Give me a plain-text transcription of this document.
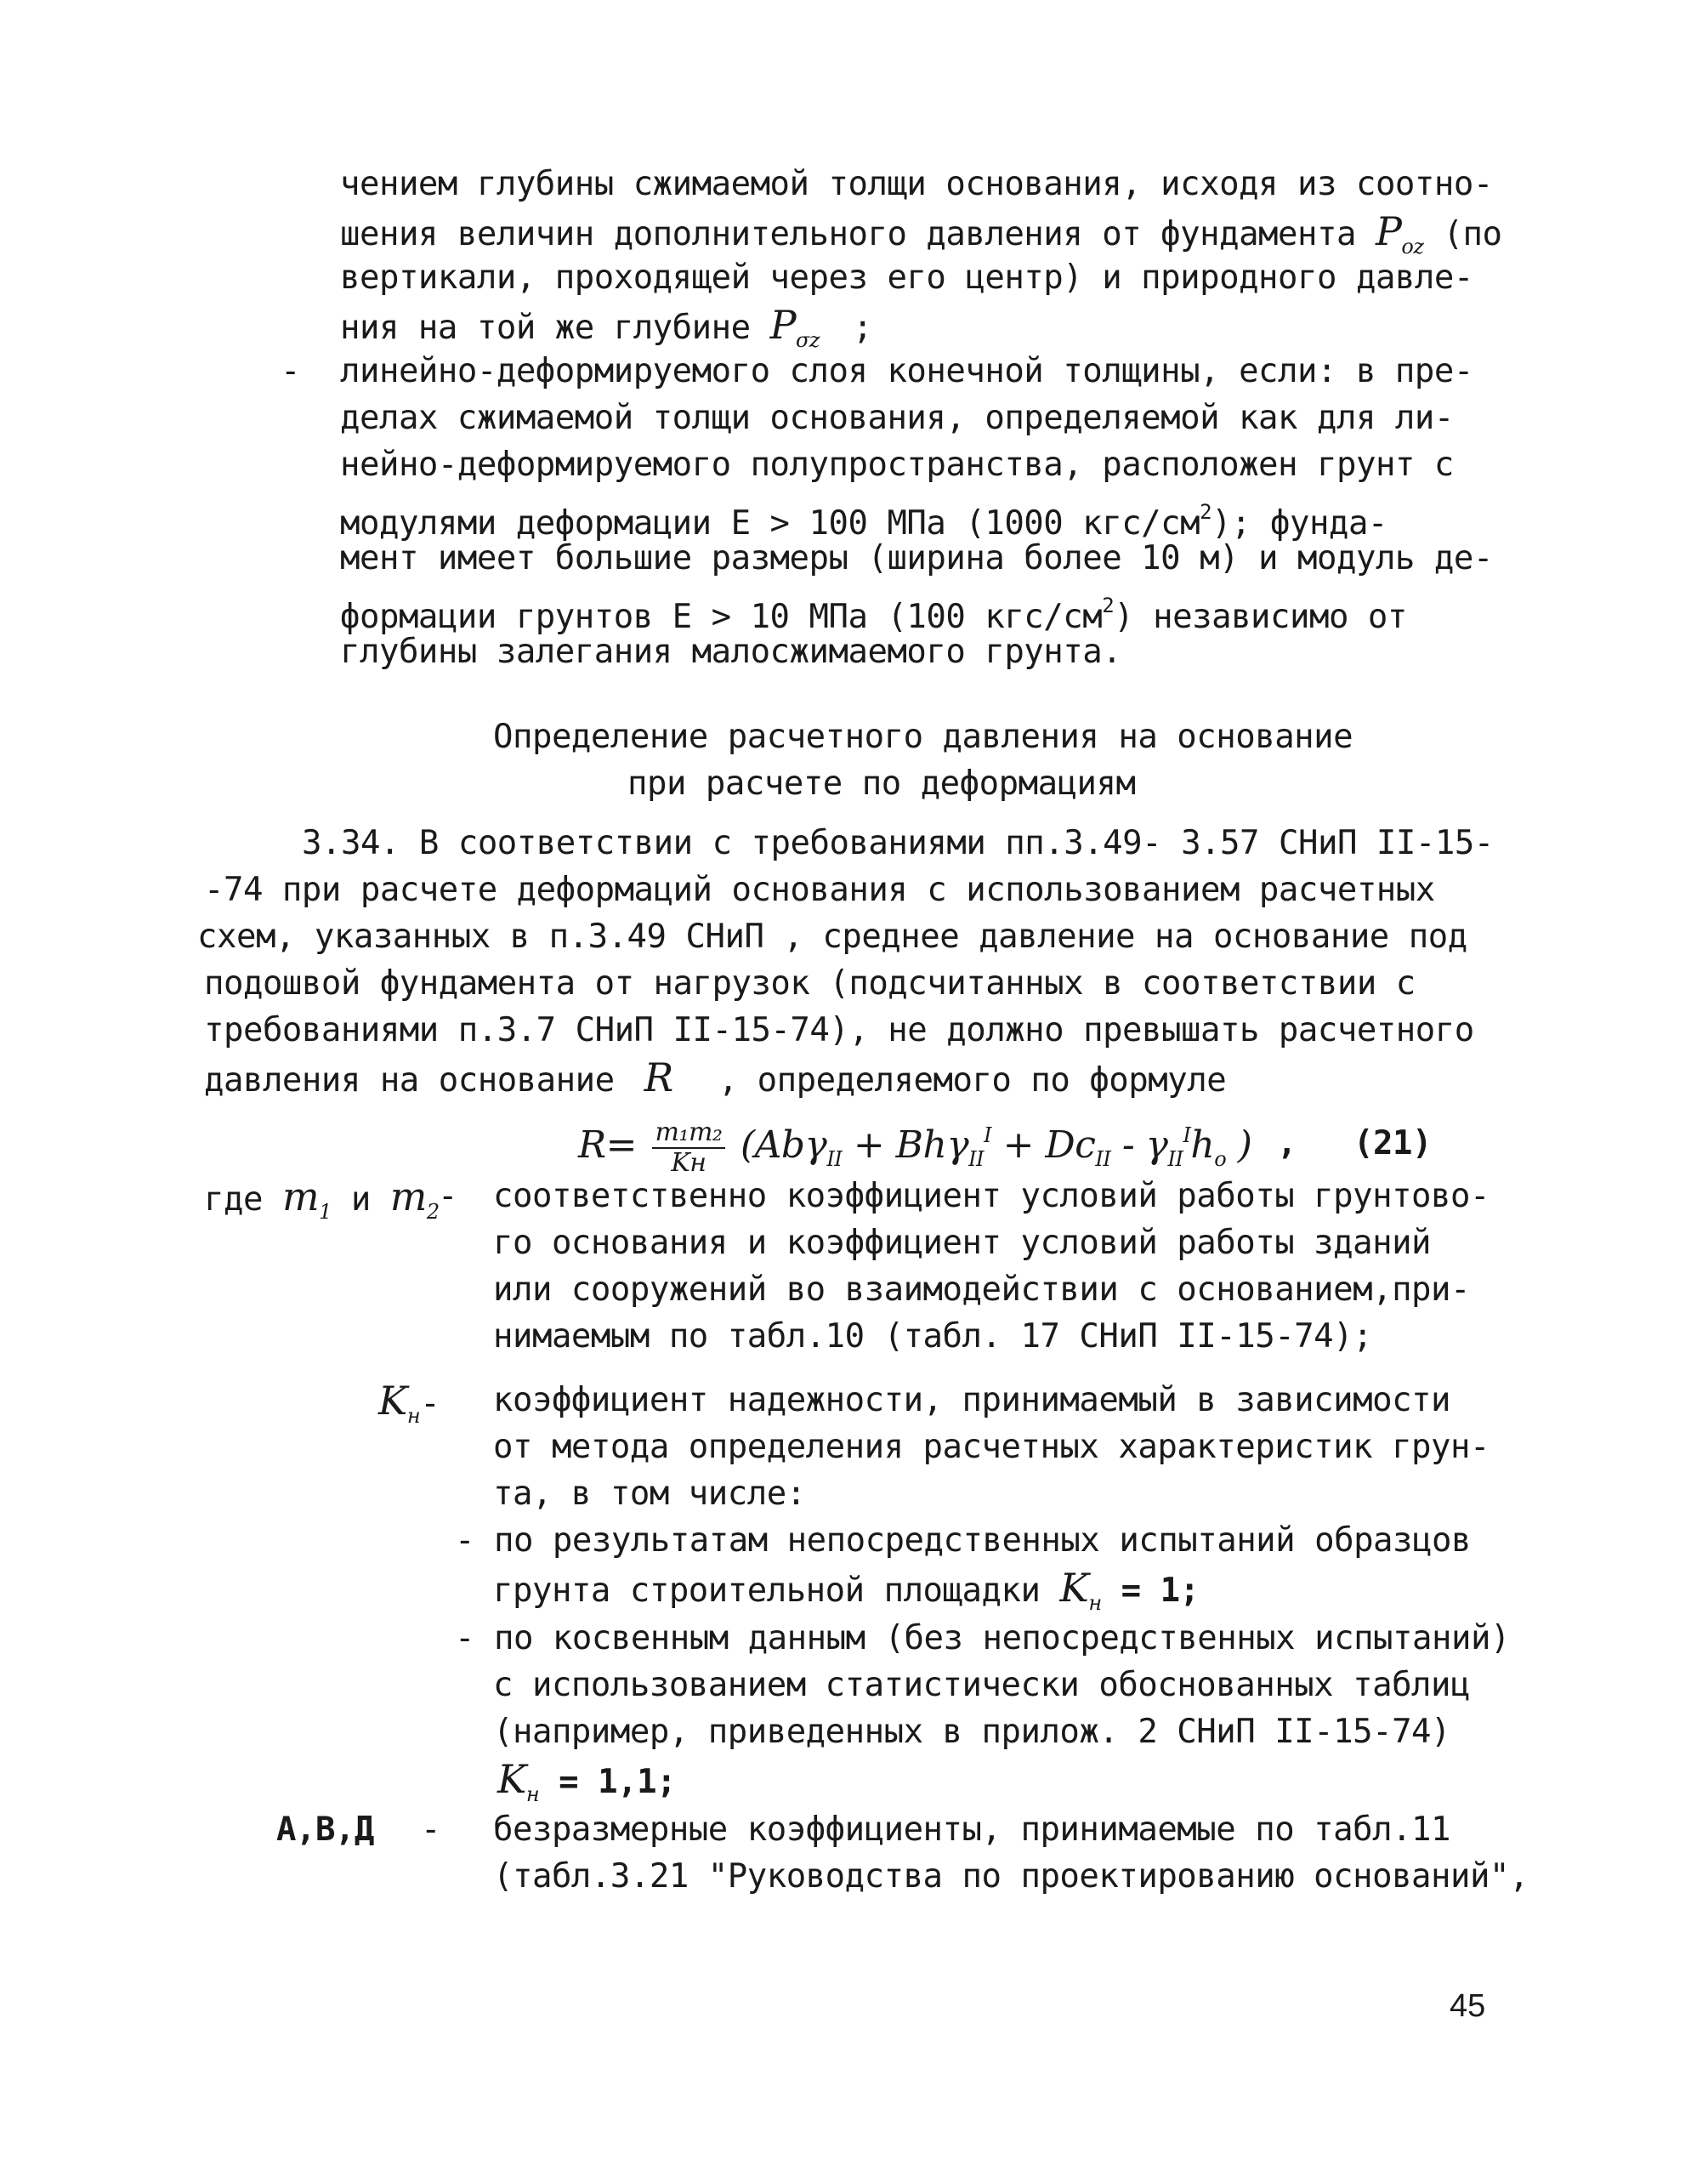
чением глубины сжимаемой толщи основания, исходя из соотно-
шения величин дополнительного давления от фундамента $P_{oz}$ (по
вертикали, проходящей через его центр) и природного давле-
ния на той же глубине $P_{\sigma z}$ ;
- линейно-деформируемого слоя конечной толщины, если: в пре-
делах сжимаемой толщи основания, определяемой как для ли-
нейно-деформируемого полупространства, расположен грунт с
модулями деформации E > 100 МПа (1000 кгс/$см^2$); фунда-
мент имеет большие размеры (ширина более 10 м) и модуль де-
формации грунтов E > 10 МПа (100 кгс/$см^2$) независимо от
глубины залегания малосжимаемого грунта.
Определение расчетного давления на основание
при расчете по деформациям
3.34. В соответствии с требованиями пп.3.49- 3.57 СНиП II-15-
-74 при расчете деформаций основания с использованием расчетных
схем, указанных в п.3.49 СНиП , среднее давление на основание под
подошвой фундамента от нагрузок (подсчитанных в соответствии с
требованиями п.3.7 СНиП II-15-74), не должно превышать расчетного
давления на основание R , определяемого по формуле
R= m₁m₂
Kн ($Ab\gamma_{II} + Bh\gamma_{II}^I + Dc_{II} - \gamma_{II}^Ih_o$ ) , (21)
где $m_1$ и $m_2$
- соответственно коэффициент условий работы грунтово-
го основания и коэффициент условий работы зданий
или сооружений во взаимодействии с основанием,при-
нимаемым по табл.10 (табл. 17 СНиП II-15-74);
$K_н-$ коэффициент надежности, принимаемый в зависимости
от метода определения расчетных характеристик грун-
та, в том числе:
- по результатам непосредственных испытаний образцов
грунта строительной площадки $K_н = 1$;
- по косвенным данным (без непосредственных испытаний)
с использованием статистически обоснованных таблиц
(например, приведенных в прилож. 2 СНиП II-15-74)
$K_н = 1,1$;
А,В,Д - безразмерные коэффициенты, принимаемые по табл.11
(табл.3.21 "Руководства по проектированию оснований",
45
